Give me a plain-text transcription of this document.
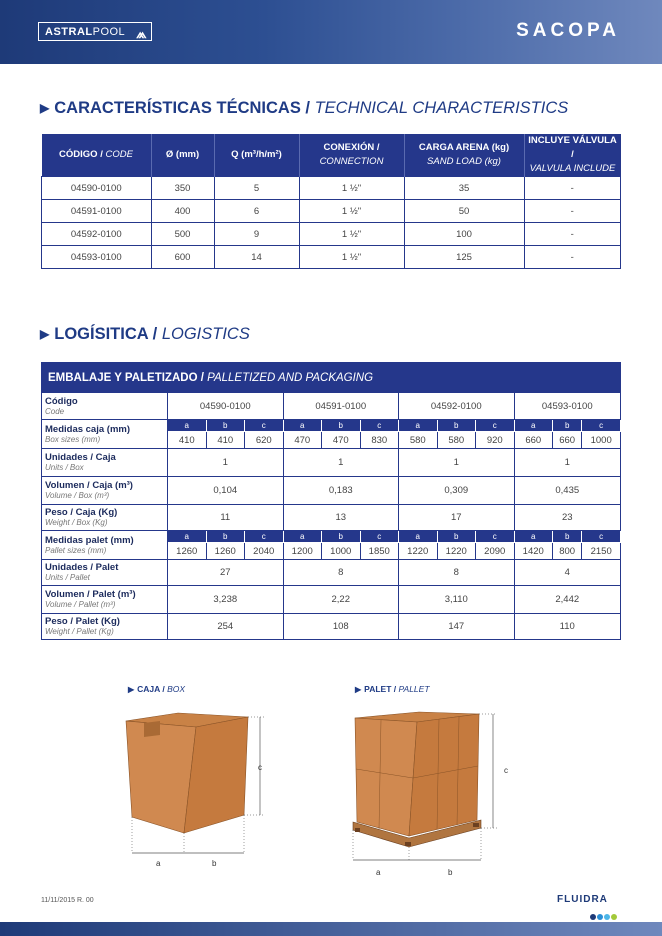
ASTRALPOOL ⩕	SACOPA
▶ CARACTERÍSTICAS TÉCNICAS / TECHNICAL CHARACTERISTICS
CÓDIGO / CODE	Ø (mm)	Q (m³/h/m²)	CONEXIÓN /
CONNECTION	CARGA ARENA (kg)
SAND LOAD (kg)	INCLUYE VÁLVULA /
VALVULA INCLUDE
04590-0100	350	5	1 ½"	35	-
04591-0100	400	6	1 ½"	50	-
04592-0100	500	9	1 ½"	100	-
04593-0100	600	14	1 ½"	125	-
▶ LOGÍSITICA / LOGISTICS
EMBALAJE Y PALETIZADO / PALLETIZED AND PACKAGING												

Código
Code	04590-0100			04591-0100			04592-0100			04593-0100		

Medidas caja (mm)
Box sizes (mm)	a	b	c	a	b	c	a	b	c	a	b	c
	410	410	620	470	470	830	580	580	920	660	660	1000

Unidades / Caja
Units / Box	1			1			1			1		

Volumen / Caja (m³)
Volume / Box (m³)	0,104			0,183			0,309			0,435		

Peso / Caja (Kg)
Weight / Box (Kg)	11			13			17			23		

Medidas palet (mm)
Pallet sizes (mm)	a	b	c	a	b	c	a	b	c	a	b	c
	1260	1260	2040	1200	1000	1850	1220	1220	2090	1420	800	2150

Unidades / Palet
Units / Pallet	27			8			8			4		

Volumen / Palet (m³)
Volume / Pallet (m³)	3,238			2,22			3,110			2,442		

Peso / Palet (Kg)
Weight / Pallet (Kg)	254			108			147			110		
▶ CAJA / BOX	▶ PALET / PALLET
a	b
c
a	b
c
11/11/2015 R. 00	FLUIDRA
